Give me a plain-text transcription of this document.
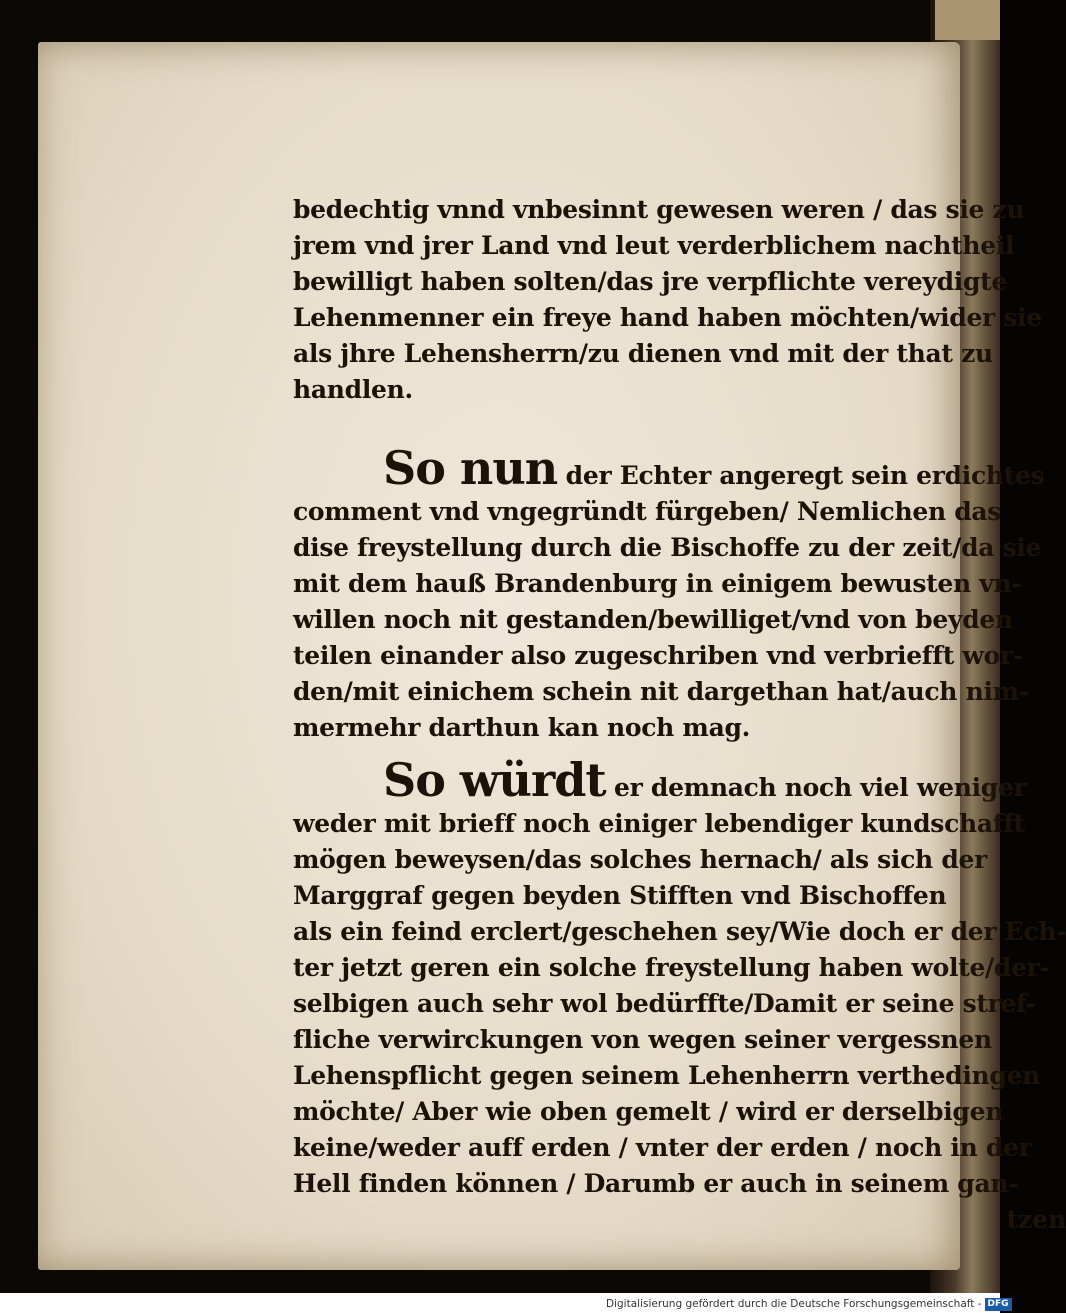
bedechtig vnnd vnbesinnt gewesen weren / das sie zu
jrem vnd jrer Land vnd leut verderblichem nachtheil
bewilligt haben solten/das jre verpflichte vereydigte
Lehenmenner ein freye hand haben möchten/wider sie
als jhre Lehensherrn/zu dienen vnd mit der that zu
handlen.
So nun der Echter angeregt sein erdichtes
comment vnd vngegründt fürgeben/ Nemlichen das
dise freystellung durch die Bischoffe zu der zeit/da sie
mit dem hauß Brandenburg in einigem bewusten vn-
willen noch nit gestanden/bewilliget/vnd von beyden
teilen einander also zugeschriben vnd verbriefft wor-
den/mit einichem schein nit dargethan hat/auch nim-
mermehr darthun kan noch mag.
So würdt er demnach noch viel weniger
weder mit brieff noch einiger lebendiger kundschafft
mögen beweysen/das solches hernach/ als sich der
Marggraf gegen beyden Stifften vnd Bischoffen
als ein feind erclert/geschehen sey/Wie doch er der Ech-
ter jetzt geren ein solche freystellung haben wolte/der-
selbigen auch sehr wol bedürffte/Damit er seine stref-
fliche verwirckungen von wegen seiner vergessnen
Lehenspflicht gegen seinem Lehenherrn verthedingen
möchte/ Aber wie oben gemelt / wird er derselbigen
keine/weder auff erden / vnter der erden / noch in der
Hell finden können / Darumb er auch in seinem gan-
tzen
Digitalisierung gefördert durch die Deutsche Forschungsgemeinschaft - DFG
